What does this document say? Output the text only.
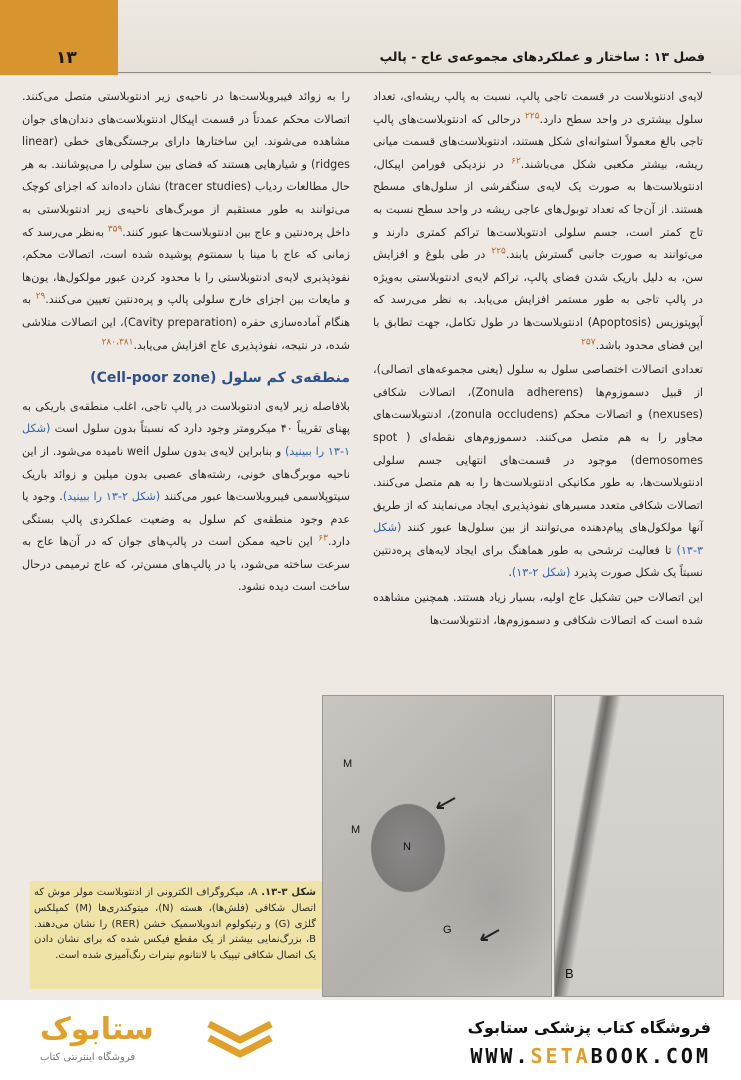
۱۳	فصل ۱۳ : ساختار و عملکردهای مجموعه‌ی عاج - پالپ

لایه‌ی ادنتوبلاست در قسمت تاجی پالپ، نسبت به پالپ ریشه‌ای، تعداد سلول بیشتری در واحد سطح دارد.$^{۲۲۵}$ درحالی که ادنتوبلاست‌های پالپ تاجی بالغ معمولاً استوانه‌ای شکل هستند، ادنتوبلاست‌های قسمت میانی ریشه، بیشتر مکعبی شکل می‌باشند.$^{۶۲}$ در نزدیکی فورامن اپیکال، ادنتوبلاست‌ها به صورت یک لایه‌ی سنگفرشی از سلول‌های مسطح هستند. از آن‌جا که تعداد توبول‌های عاجی ریشه در واحد سطح نسبت به تاج کمتر است، جسم سلولی ادنتوبلاست‌ها تراکم کمتری دارند و می‌توانند به صورت جانبی گسترش یابند.$^{۲۲۵}$ در طی بلوغ و افزایش سن، به دلیل باریک شدن فضای پالپ، تراکم لایه‌ی ادنتوبلاستی به‌ویژه در پالپ تاجی به طور مستمر افزایش می‌یابد. به نظر می‌رسد که آپوپتوزیس (Apoptosis) ادنتوبلاست‌ها در طول تکامل، جهت تطابق با این فضای محدود باشد.$^{۲۵۷}$

تعدادی اتصالات اختصاصی سلول به سلول (یعنی مجموعه‌های اتصالی)، از قبیل دسموزوم‌ها (Zonula adherens)، اتصالات شکافی (nexuses) و اتصالات محکم (zonula occludens)، ادنتوبلاست‌های مجاور را به هم متصل می‌کنند. دسموزوم‌های نقطه‌ای ( spot demosomes) موجود در قسمت‌های انتهایی جسم سلولی ادنتوبلاست‌ها، به طور مکانیکی ادنتوبلاست‌ها را به هم متصل می‌کنند. اتصالات شکافی متعدد مسیرهای نفوذپذیری ایجاد می‌نمایند که از طریق آنها مولکول‌های پیام‌دهنده می‌توانند از بین سلول‌ها عبور کنند (شکل ۳-۱۳) تا فعالیت ترشحی به طور هماهنگ برای ایجاد لایه‌های پره‌دنتین نسبتاً یک شکل صورت پذیرد (شکل ۲-۱۳).

این اتصالات حین تشکیل عاج اولیه، بسیار زیاد هستند. همچنین مشاهده شده است که اتصالات شکافی و دسموزوم‌ها، ادنتوبلاست‌ها

را به زوائد فیبروبلاست‌ها در ناحیه‌ی زیر ادنتوبلاستی متصل می‌کنند. اتصالات محکم عمدتاً در قسمت اپیکال ادنتوبلاست‌های دندان‌های جوان مشاهده می‌شوند. این ساختارها دارای برجستگی‌های خطی (linear ridges) و شیارهایی هستند که فضای بین سلولی را می‌پوشانند. به هر حال مطالعات ردیاب (tracer studies) نشان داده‌اند که اجزای کوچک می‌توانند به طور مستقیم از موبرگ‌های ناحیه‌ی زیر ادنتوبلاستی به داخل پره‌دنتین و عاج بین ادنتوبلاست‌ها عبور کنند.$^{۳۵۹}$ به‌نظر می‌رسد که زمانی که عاج با مینا یا سمنتوم پوشیده شده است، اتصالات محکم، نفوذپذیری لایه‌ی ادنتوبلاستی را با محدود کردن عبور مولکول‌ها، یون‌ها و مایعات بین اجزای خارج سلولی پالپ و پره‌دنتین تعیین می‌کنند.$^{۲۹}$ به هنگام آماده‌سازی حفره (Cavity preparation)، این اتصالات متلاشی شده، در نتیجه، نفوذپذیری عاج افزایش می‌یابد.$^{۲۸۰،۳۸۱}$

منطقه‌ی کم سلول (Cell-poor zone)

بلافاصله زیر لایه‌ی ادنتوبلاست در پالپ تاجی، اغلب منطقه‌ی باریکی به پهنای تقریباً ۴۰ میکرومتر وجود دارد که نسبتاً بدون سلول است (شکل ۱-۱۳ را ببینید) و بنابراین لایه‌ی بدون سلول weil نامیده می‌شود. از این ناحیه موبرگ‌های خونی، رشته‌های عصبی بدون میلین و زوائد باریک سیتوپلاسمی فیبروبلاست‌ها عبور می‌کنند (شکل ۲-۱۳ را ببینید). وجود یا عدم وجود منطقه‌ی کم سلول به وضعیت عملکردی پالپ بستگی دارد.$^{۶۳}$ این ناحیه ممکن است در پالپ‌های جوان که در آن‌ها عاج به سرعت ساخته می‌شود، یا در پالپ‌های مسن‌تر، که عاج ترمیمی درحال ساخت است دیده نشود.

M
M
N
G
B
شکل ۳-۱۳. A، میکروگراف الکترونی از ادنتوبلاست مولر موش که اتصال شکافی (فلش‌ها)، هسته (N)، میتوکندری‌ها (M) کمپلکس گلژی (G) و رتیکولوم اندوپلاسمیک خشن (RER) را نشان می‌دهند. B، بزرگ‌نمایی بیشتر از یک مقطع فیکس شده که برای نشان دادن یک اتصال شکافی تیپیک با لانتانوم نیترات رنگ‌آمیزی شده است.
فروشگاه کتاب پزشکی ستابوک
WWW.SETABOOK.COM
ستابوک
فروشگاه اینترنتی کتاب
